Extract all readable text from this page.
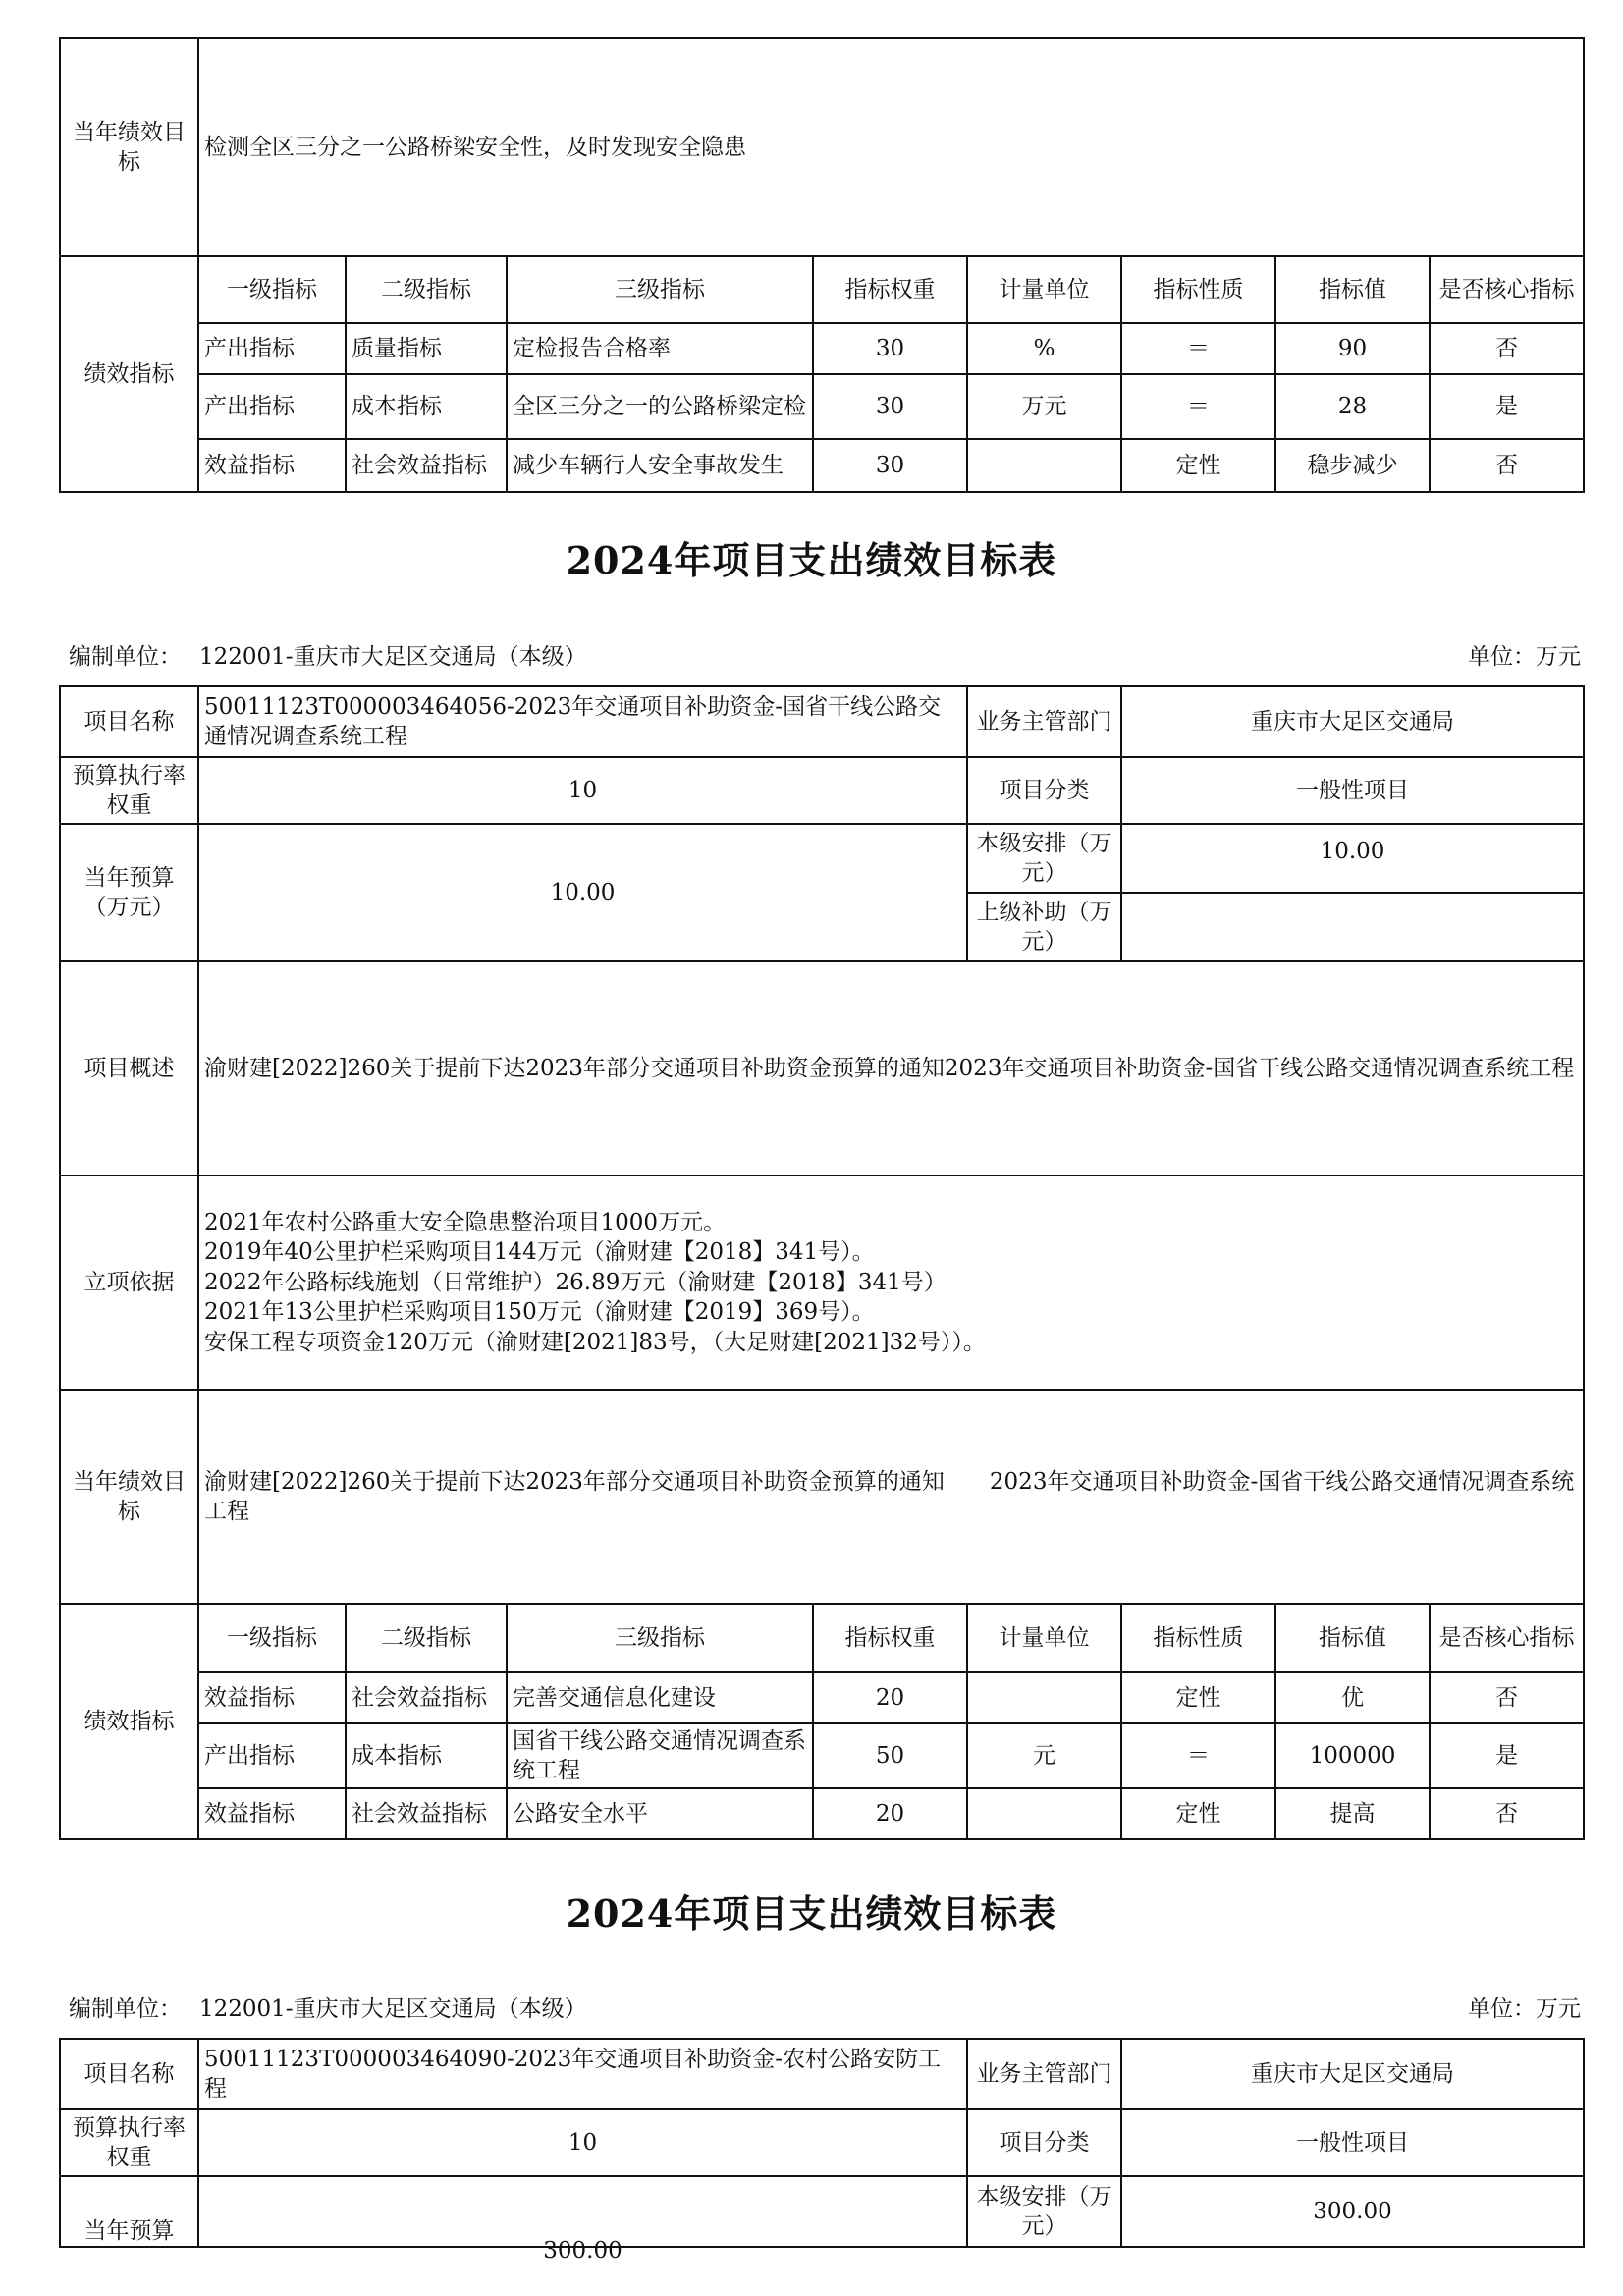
当年绩效目标	检测全区三分之一公路桥梁安全性，及时发现安全隐患							
绩效指标	一级指标	二级指标	三级指标	指标权重	计量单位	指标性质	指标值	是否核心指标
	产出指标	质量指标	定检报告合格率	30	%	＝	90	否
	产出指标	成本指标	全区三分之一的公路桥梁定检	30	万元	＝	28	是
	效益指标	社会效益指标	减少车辆行人安全事故发生	30		定性	稳步减少	否
2024年项目支出绩效目标表
编制单位： 122001-重庆市大足区交通局（本级）	单位：万元
项目名称	50011123T000003464056-2023年交通项目补助资金-国省干线公路交通情况调查系统工程				业务主管部门	重庆市大足区交通局		
预算执行率权重	10				项目分类	一般性项目		
当年预算（万元）	10.00				本级安排（万元）	10.00		
					上级补助（万元）			
项目概述	渝财建[2022]260关于提前下达2023年部分交通项目补助资金预算的通知2023年交通项目补助资金-国省干线公路交通情况调查系统工程							
立项依据	2021年农村公路重大安全隐患整治项目1000万元。
2019年40公里护栏采购项目144万元（渝财建【2018】341号）。
2022年公路标线施划（日常维护）26.89万元（渝财建【2018】341号）
2021年13公里护栏采购项目150万元（渝财建【2019】369号）。
安保工程专项资金120万元（渝财建[2021]83号，（大足财建[2021]32号））。							

当年绩效目标	渝财建[2022]260关于提前下达2023年部分交通项目补助资金预算的通知　　2023年交通项目补助资金-国省干线公路交通情况调查系统工程							
绩效指标	一级指标	二级指标	三级指标	指标权重	计量单位	指标性质	指标值	是否核心指标
	效益指标	社会效益指标	完善交通信息化建设	20		定性	优	否
	产出指标	成本指标	国省干线公路交通情况调查系统工程	50	元	＝	100000	是
	效益指标	社会效益指标	公路安全水平	20		定性	提高	否
2024年项目支出绩效目标表
编制单位： 122001-重庆市大足区交通局（本级）	单位：万元
项目名称	50011123T000003464090-2023年交通项目补助资金-农村公路安防工程	业务主管部门	重庆市大足区交通局
预算执行率权重	10	项目分类	一般性项目
当年预算	300.00	本级安排（万元）	300.00
